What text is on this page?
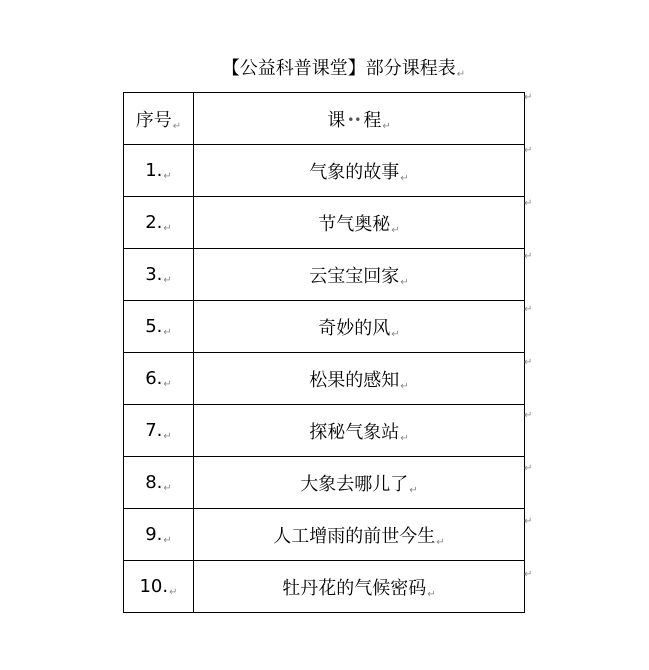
【公益科普课堂】部分课程表↵
序号↵	课 •• 程↵
1.↵	气象的故事↵
2.↵	节气奥秘↵
3.↵	云宝宝回家↵
5.↵	奇妙的风↵
6.↵	松果的感知↵
7.↵	探秘气象站↵
8.↵	大象去哪儿了↵
9.↵	人工增雨的前世今生↵
10.↵	牡丹花的气候密码↵
↵
↵
↵
↵
↵
↵
↵
↵
↵
↵
